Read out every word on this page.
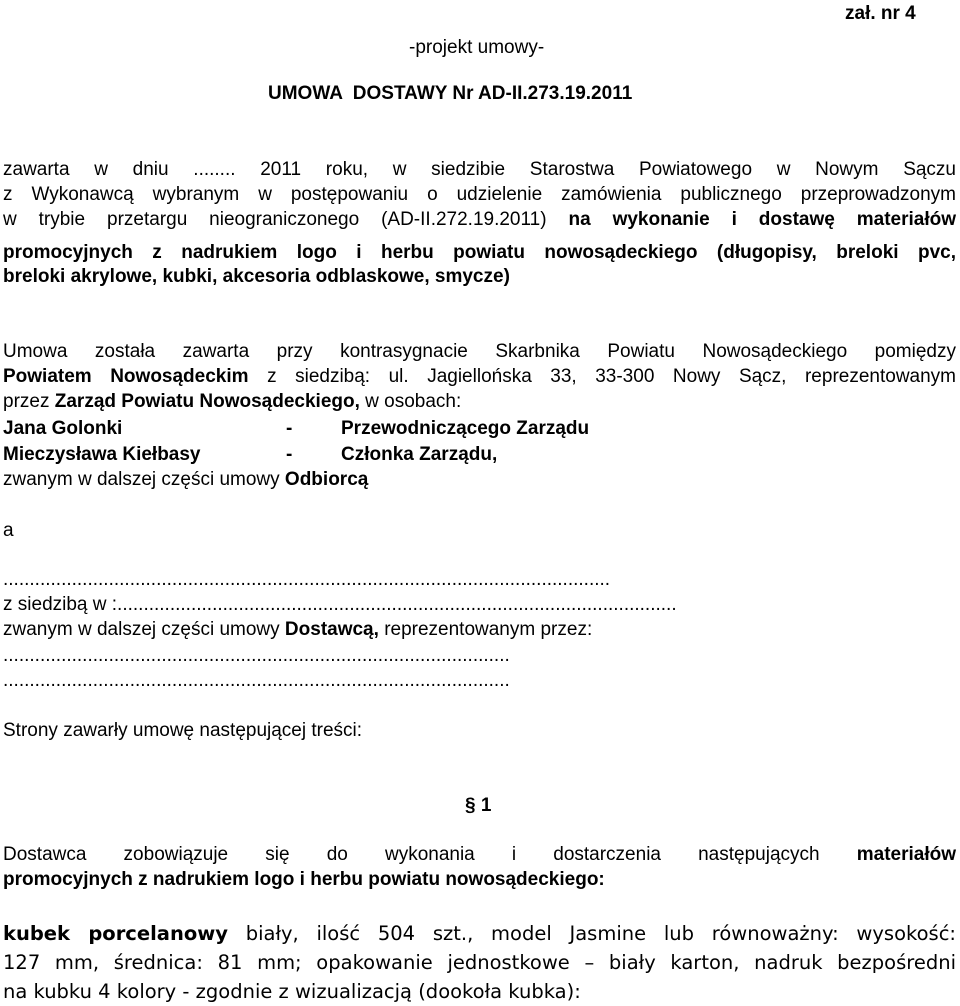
zał. nr 4
-projekt umowy-
UMOWA  DOSTAWY Nr AD-II.273.19.2011
zawarta w dniu ........ 2011 roku, w siedzibie Starostwa Powiatowego w Nowym Sączu
z Wykonawcą wybranym w postępowaniu o udzielenie zamówienia publicznego przeprowadzonym
w trybie przetargu nieograniczonego (AD-II.272.19.2011) na wykonanie i dostawę materiałów
promocyjnych z nadrukiem logo i herbu powiatu nowosądeckiego (długopisy, breloki pvc,
breloki akrylowe, kubki, akcesoria odblaskowe, smycze)
Umowa została zawarta przy kontrasygnacie Skarbnika Powiatu Nowosądeckiego pomiędzy
Powiatem Nowosądeckim z siedzibą: ul. Jagiellońska 33, 33-300 Nowy Sącz, reprezentowanym
przez Zarząd Powiatu Nowosądeckiego, w osobach:
Jana Golonki	-	Przewodniczącego Zarządu
Mieczysława Kiełbasy	-	Członka Zarządu,
zwanym w dalszej części umowy Odbiorcą
a
...................................................................................................................
z siedzibą w :..........................................................................................................
zwanym w dalszej części umowy Dostawcą, reprezentowanym przez:
................................................................................................
................................................................................................
Strony zawarły umowę następującej treści:
§ 1
Dostawca zobowiązuje się do wykonania i dostarczenia następujących materiałów
promocyjnych z nadrukiem logo i herbu powiatu nowosądeckiego:
kubek porcelanowy biały, ilość 504 szt., model Jasmine lub równoważny: wysokość:
127 mm, średnica: 81 mm; opakowanie jednostkowe – biały karton, nadruk bezpośredni
na kubku 4 kolory - zgodnie z wizualizacją (dookoła kubka):
